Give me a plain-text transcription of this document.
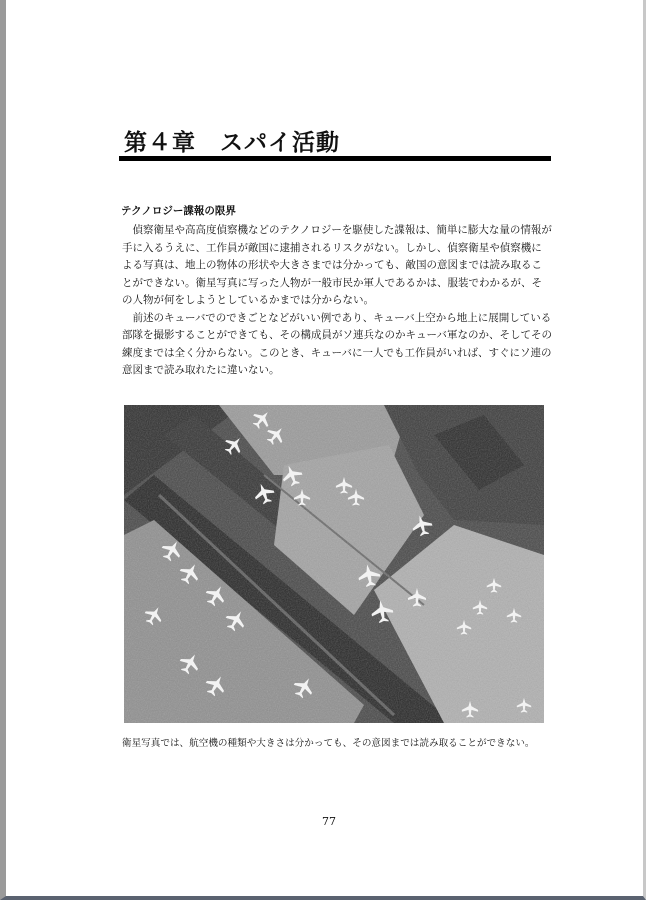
第４章　スパイ活動
テクノロジー諜報の限界

偵察衛星や高高度偵察機などのテクノロジーを駆使した諜報は、簡単に膨大な量の情報が手に入るうえに、工作員が敵国に逮捕されるリスクがない。しかし、偵察衛星や偵察機による写真は、地上の物体の形状や大きさまでは分かっても、敵国の意図までは読み取ることができない。衛星写真に写った人物が一般市民か軍人であるかは、服装でわかるが、その人物が何をしようとしているかまでは分からない。

前述のキューバでのできごとなどがいい例であり、キューバ上空から地上に展開している部隊を撮影することができても、その構成員がソ連兵なのかキューバ軍なのか、そしてその練度までは全く分からない。このとき、キューバに一人でも工作員がいれば、すぐにソ連の意図まで読み取れたに違いない。

衛星写真では、航空機の種類や大きさは分かっても、その意図までは読み取ることができない。
77
